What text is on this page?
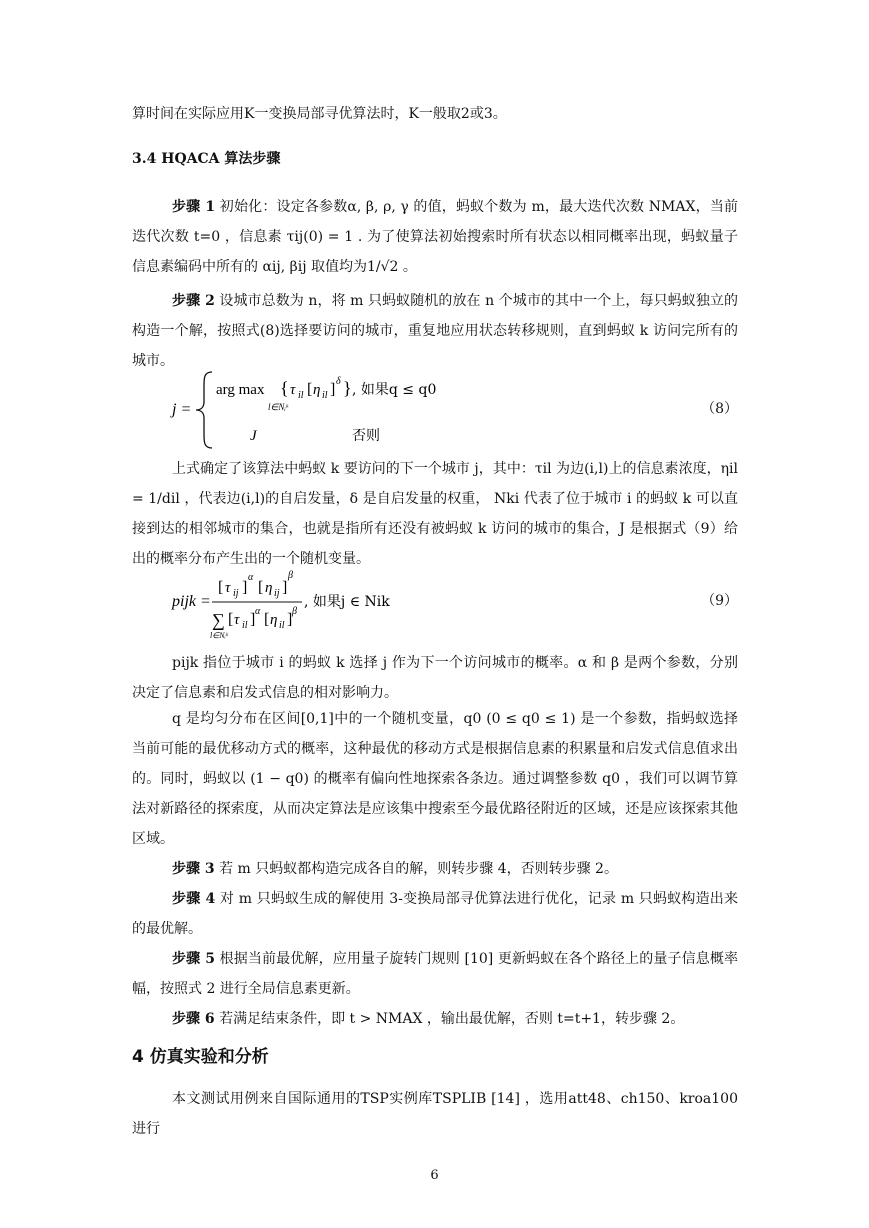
算时间在实际应用K一变换局部寻优算法时，K一般取2或3。

3.4 HQACA 算法步骤

步骤 1 初始化：设定各参数α, β, ρ, γ 的值，蚂蚁个数为 m，最大迭代次数 NMAX，当前迭代次数 t=0 ，信息素 τij(0) = 1 . 为了使算法初始搜索时所有状态以相同概率出现，蚂蚁量子信息素编码中所有的 αij, βij 取值均为1/√2 。

步骤 2 设城市总数为 n，将 m 只蚂蚁随机的放在 n 个城市的其中一个上，每只蚂蚁独立的构造一个解，按照式(8)选择要访问的城市，重复地应用状态转移规则，直到蚂蚁 k 访问完所有的城市。

j =
arg max { τ il [ η il ] δ } , 如果q ≤ q0
l∈Nᵢᵏ
J	否则
（8）

上式确定了该算法中蚂蚁 k 要访问的下一个城市 j，其中：τil 为边(i,l)上的信息素浓度，ηil = 1/dil ，代表边(i,l)的自启发量，δ 是自启发量的权重， Nki 代表了位于城市 i 的蚂蚁 k 可以直接到达的相邻城市的集合，也就是指所有还没有被蚂蚁 k 访问的城市的集合，J 是根据式（9）给出的概率分布产生出的一个随机变量。

pijk =
[ τ ij ]
α
[ η ij ]
β
∑
l∈Nᵢᵏ
[ τ il ] α [ η il ] β
, 如果j ∈ Nik	（9）

pijk 指位于城市 i 的蚂蚁 k 选择 j 作为下一个访问城市的概率。α 和 β 是两个参数，分别决定了信息素和启发式信息的相对影响力。

q 是均匀分布在区间[0,1]中的一个随机变量，q0 (0 ≤ q0 ≤ 1) 是一个参数，指蚂蚁选择当前可能的最优移动方式的概率，这种最优的移动方式是根据信息素的积累量和启发式信息值求出的。同时，蚂蚁以 (1 − q0) 的概率有偏向性地探索各条边。通过调整参数 q0 ，我们可以调节算法对新路径的探索度，从而决定算法是应该集中搜索至今最优路径附近的区域，还是应该探索其他区域。

步骤 3 若 m 只蚂蚁都构造完成各自的解，则转步骤 4，否则转步骤 2。

步骤 4 对 m 只蚂蚁生成的解使用 3-变换局部寻优算法进行优化，记录 m 只蚂蚁构造出来的最优解。

步骤 5 根据当前最优解，应用量子旋转门规则 [10] 更新蚂蚁在各个路径上的量子信息概率幅，按照式 2 进行全局信息素更新。

步骤 6 若满足结束条件，即 t > NMAX ，输出最优解，否则 t=t+1，转步骤 2。

4 仿真实验和分析

本文测试用例来自国际通用的TSP实例库TSPLIB [14] ，选用att48、ch150、kroa100进行

6
